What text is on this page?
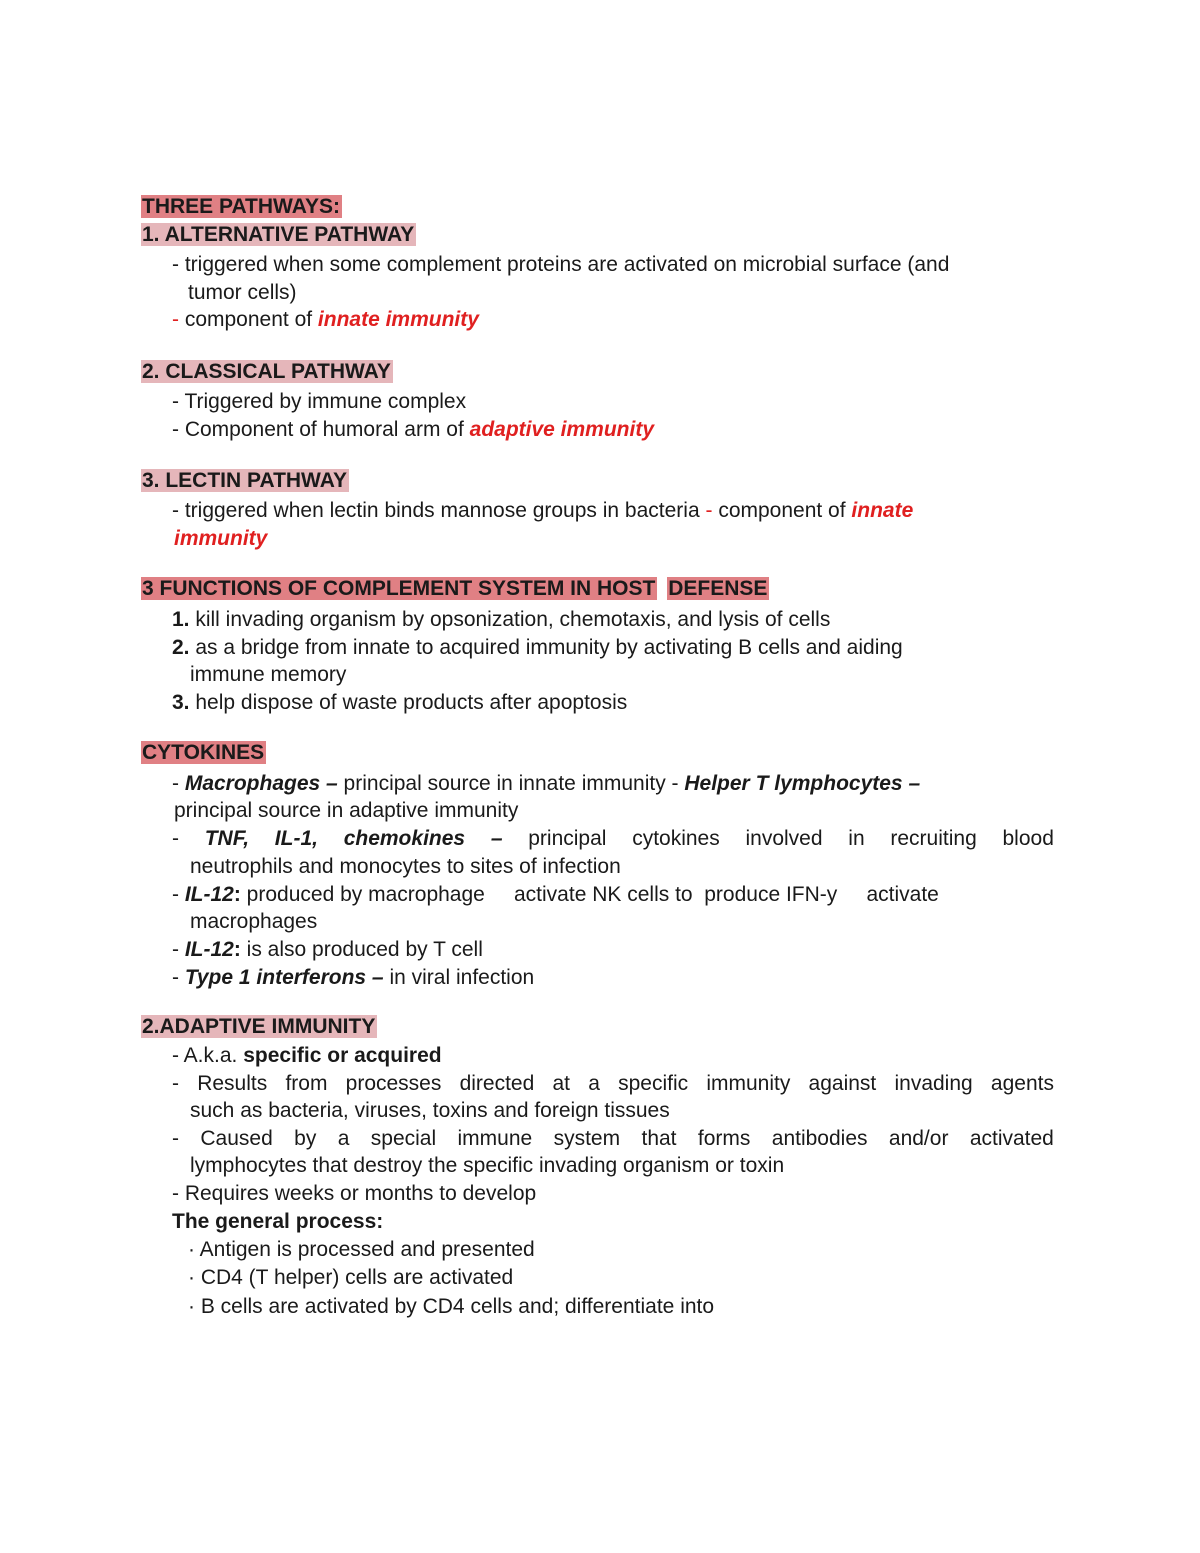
THREE PATHWAYS:
1. ALTERNATIVE PATHWAY
- triggered when some complement proteins are activated on microbial surface (and
tumor cells)
- component of innate immunity
2. CLASSICAL PATHWAY
- Triggered by immune complex
- Component of humoral arm of adaptive immunity
3. LECTIN PATHWAY
- triggered when lectin binds mannose groups in bacteria - component of innate
immunity
3 FUNCTIONS OF COMPLEMENT SYSTEM IN HOST DEFENSE
1. kill invading organism by opsonization, chemotaxis, and lysis of cells
2. as a bridge from innate to acquired immunity by activating B cells and aiding
immune memory
3. help dispose of waste products after apoptosis
CYTOKINES
- Macrophages – principal source in innate immunity - Helper T lymphocytes –
principal source in adaptive immunity
- TNF, IL-1, chemokines – principal cytokines involved in recruiting blood
neutrophils and monocytes to sites of infection
- IL-12: produced by macrophage     activate NK cells to  produce IFN-y     activate
macrophages
- IL-12: is also produced by T cell
- Type 1 interferons – in viral infection
2.ADAPTIVE IMMUNITY
- A.k.a. specific or acquired
- Results from processes directed at a specific immunity against invading agents
such as bacteria, viruses, toxins and foreign tissues
- Caused by a special immune system that forms antibodies and/or activated
lymphocytes that destroy the specific invading organism or toxin
- Requires weeks or months to develop
The general process:
· Antigen is processed and presented
· CD4 (T helper) cells are activated
· B cells are activated by CD4 cells and; differentiate into
